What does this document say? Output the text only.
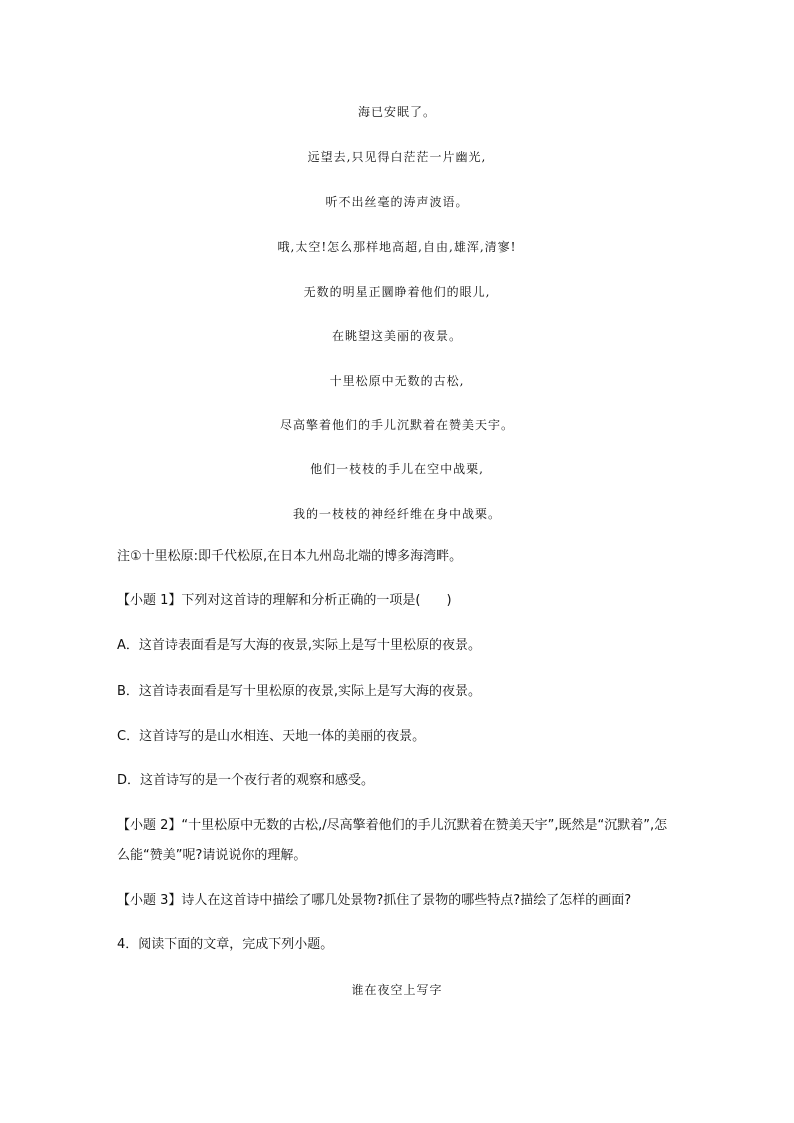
海已安眠了。
远望去,只见得白茫茫一片幽光,
听不出丝毫的涛声波语。
哦,太空!怎么那样地高超,自由,雄浑,清寥!
无数的明星正圜睁着他们的眼儿,
在眺望这美丽的夜景。
十里松原中无数的古松,
尽高擎着他们的手儿沉默着在赞美天宇。
他们一枝枝的手儿在空中战栗,
我的一枝枝的神经纤维在身中战栗。
注①十里松原:即千代松原,在日本九州岛北端的博多海湾畔。
【小题 1】下列对这首诗的理解和分析正确的一项是(　　)
A．这首诗表面看是写大海的夜景,实际上是写十里松原的夜景。
B．这首诗表面看是写十里松原的夜景,实际上是写大海的夜景。
C．这首诗写的是山水相连、天地一体的美丽的夜景。
D．这首诗写的是一个夜行者的观察和感受。
【小题 2】“十里松原中无数的古松,/尽高擎着他们的手儿沉默着在赞美天宇”,既然是“沉默着”,怎么能“赞美”呢?请说说你的理解。
【小题 3】诗人在这首诗中描绘了哪几处景物?抓住了景物的哪些特点?描绘了怎样的画面?
4．阅读下面的文章，完成下列小题。
谁在夜空上写字
